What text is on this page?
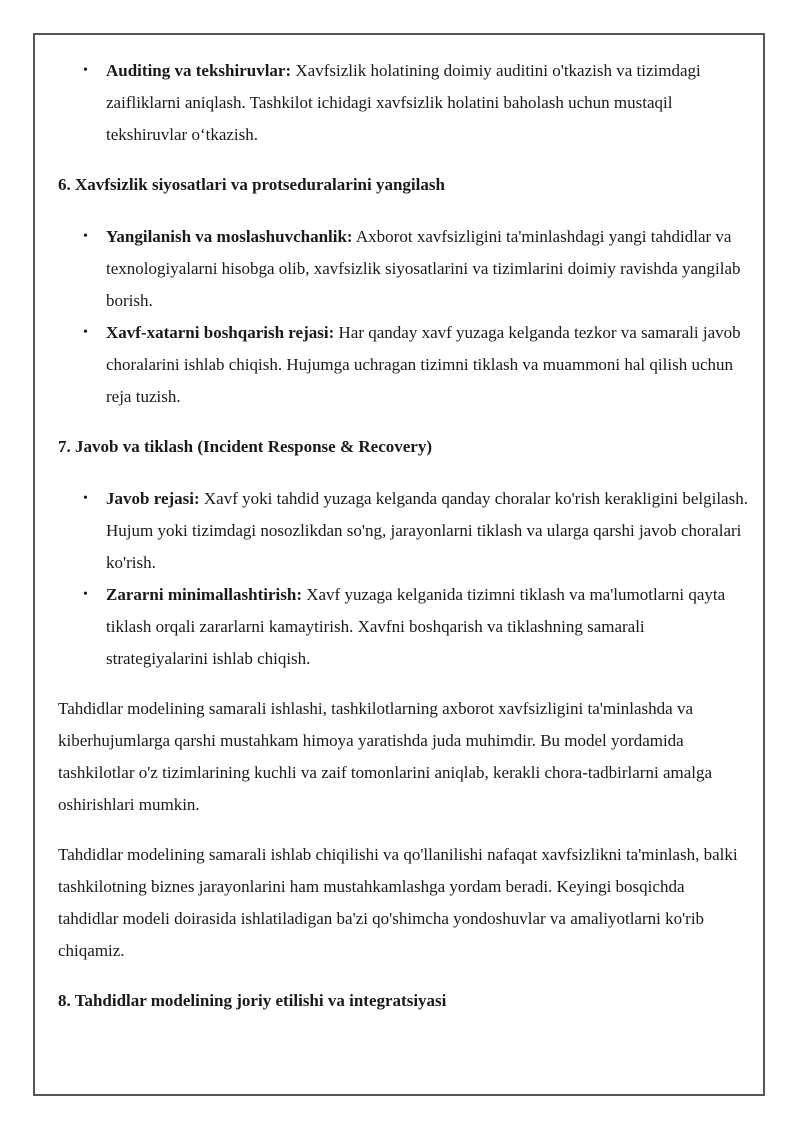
• Auditing va tekshiruvlar: Xavfsizlik holatining doimiy auditini o'tkazish va tizimdagi zaifliklarni aniqlash. Tashkilot ichidagi xavfsizlik holatini baholash uchun mustaqil tekshiruvlar oʻtkazish.

6. Xavfsizlik siyosatlari va protseduralarini yangilash

• Yangilanish va moslashuvchanlik: Axborot xavfsizligini ta'minlashdagi yangi tahdidlar va texnologiyalarni hisobga olib, xavfsizlik siyosatlarini va tizimlarini doimiy ravishda yangilab borish.
• Xavf-xatarni boshqarish rejasi: Har qanday xavf yuzaga kelganda tezkor va samarali javob choralarini ishlab chiqish. Hujumga uchragan tizimni tiklash va muammoni hal qilish uchun reja tuzish.

7. Javob va tiklash (Incident Response & Recovery)

• Javob rejasi: Xavf yoki tahdid yuzaga kelganda qanday choralar ko'rish kerakligini belgilash. Hujum yoki tizimdagi nosozlikdan so'ng, jarayonlarni tiklash va ularga qarshi javob choralari ko'rish.
• Zararni minimallashtirish: Xavf yuzaga kelganida tizimni tiklash va ma'lumotlarni qayta tiklash orqali zararlarni kamaytirish. Xavfni boshqarish va tiklashning samarali strategiyalarini ishlab chiqish.

Tahdidlar modelining samarali ishlashi, tashkilotlarning axborot xavfsizligini ta'minlashda va kiberhujumlarga qarshi mustahkam himoya yaratishda juda muhimdir. Bu model yordamida tashkilotlar o'z tizimlarining kuchli va zaif tomonlarini aniqlab, kerakli chora-tadbirlarni amalga oshirishlari mumkin.

Tahdidlar modelining samarali ishlab chiqilishi va qo'llanilishi nafaqat xavfsizlikni ta'minlash, balki tashkilotning biznes jarayonlarini ham mustahkamlashga yordam beradi. Keyingi bosqichda tahdidlar modeli doirasida ishlatiladigan ba'zi qo'shimcha yondoshuvlar va amaliyotlarni ko'rib chiqamiz.

8. Tahdidlar modelining joriy etilishi va integratsiyasi
